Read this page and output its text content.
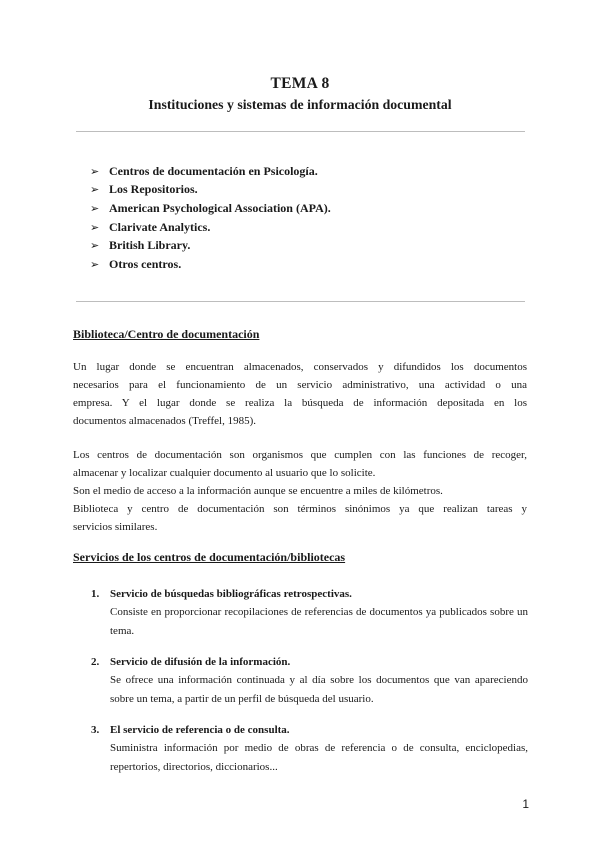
TEMA 8
Instituciones y sistemas de información documental
➢ Centros de documentación en Psicología.
➢ Los Repositorios.
➢ American Psychological Association (APA).
➢ Clarivate Analytics.
➢ British Library.
➢ Otros centros.
Biblioteca/Centro de documentación
Un lugar donde se encuentran almacenados, conservados y difundidos los documentos
necesarios para el funcionamiento de un servicio administrativo, una actividad o una
empresa. Y el lugar donde se realiza la búsqueda de información depositada en los
documentos almacenados (Treffel, 1985).
Los centros de documentación son organismos que cumplen con las funciones de recoger,
almacenar y localizar cualquier documento al usuario que lo solicite.
Son el medio de acceso a la información aunque se encuentre a miles de kilómetros.
Biblioteca y centro de documentación son términos sinónimos ya que realizan tareas y
servicios similares.
Servicios de los centros de documentación/bibliotecas
1. Servicio de búsquedas bibliográficas retrospectivas.
Consiste en proporcionar recopilaciones de referencias de documentos ya publicados sobre un tema.
2. Servicio de difusión de la información.
Se ofrece una información continuada y al día sobre los documentos que van apareciendo sobre un tema, a partir de un perfil de búsqueda del usuario.
3. El servicio de referencia o de consulta.
Suministra información por medio de obras de referencia o de consulta, enciclopedias, repertorios, directorios, diccionarios...
1
